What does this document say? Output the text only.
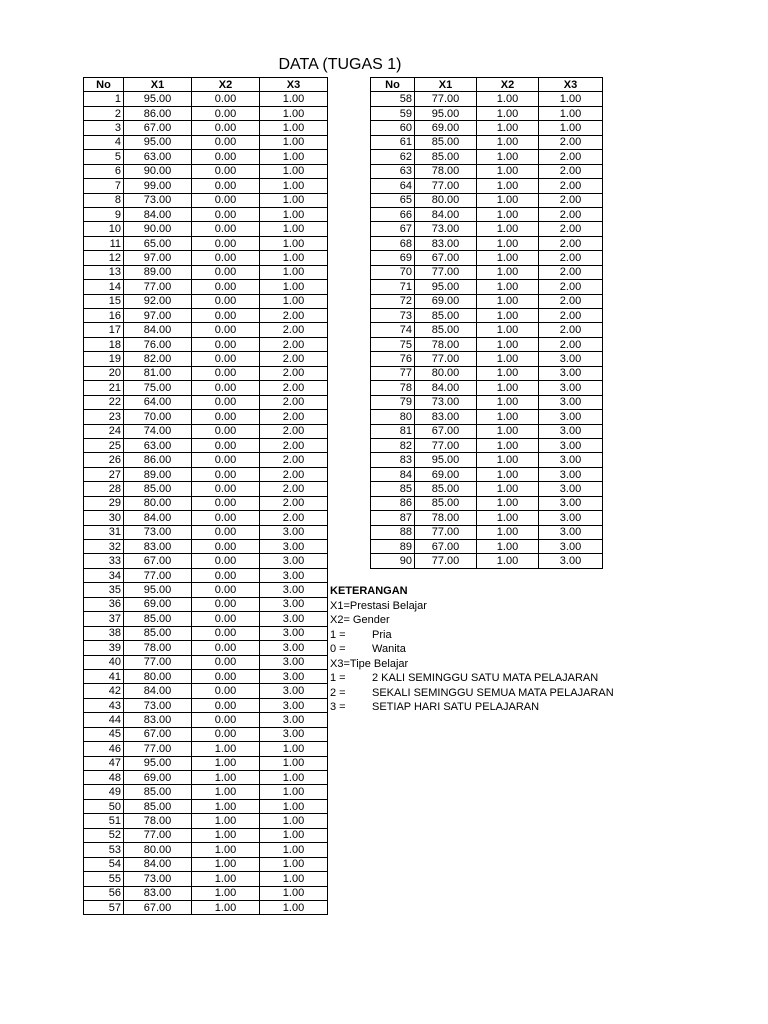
DATA (TUGAS 1)
No	X1	X2	X3
1	95.00	0.00	1.00
2	86.00	0.00	1.00
3	67.00	0.00	1.00
4	95.00	0.00	1.00
5	63.00	0.00	1.00
6	90.00	0.00	1.00
7	99.00	0.00	1.00
8	73.00	0.00	1.00
9	84.00	0.00	1.00
10	90.00	0.00	1.00
11	65.00	0.00	1.00
12	97.00	0.00	1.00
13	89.00	0.00	1.00
14	77.00	0.00	1.00
15	92.00	0.00	1.00
16	97.00	0.00	2.00
17	84.00	0.00	2.00
18	76.00	0.00	2.00
19	82.00	0.00	2.00
20	81.00	0.00	2.00
21	75.00	0.00	2.00
22	64.00	0.00	2.00
23	70.00	0.00	2.00
24	74.00	0.00	2.00
25	63.00	0.00	2.00
26	86.00	0.00	2.00
27	89.00	0.00	2.00
28	85.00	0.00	2.00
29	80.00	0.00	2.00
30	84.00	0.00	2.00
31	73.00	0.00	3.00
32	83.00	0.00	3.00
33	67.00	0.00	3.00
34	77.00	0.00	3.00
35	95.00	0.00	3.00
36	69.00	0.00	3.00
37	85.00	0.00	3.00
38	85.00	0.00	3.00
39	78.00	0.00	3.00
40	77.00	0.00	3.00
41	80.00	0.00	3.00
42	84.00	0.00	3.00
43	73.00	0.00	3.00
44	83.00	0.00	3.00
45	67.00	0.00	3.00
46	77.00	1.00	1.00
47	95.00	1.00	1.00
48	69.00	1.00	1.00
49	85.00	1.00	1.00
50	85.00	1.00	1.00
51	78.00	1.00	1.00
52	77.00	1.00	1.00
53	80.00	1.00	1.00
54	84.00	1.00	1.00
55	73.00	1.00	1.00
56	83.00	1.00	1.00
57	67.00	1.00	1.00
No	X1	X2	X3
58	77.00	1.00	1.00
59	95.00	1.00	1.00
60	69.00	1.00	1.00
61	85.00	1.00	2.00
62	85.00	1.00	2.00
63	78.00	1.00	2.00
64	77.00	1.00	2.00
65	80.00	1.00	2.00
66	84.00	1.00	2.00
67	73.00	1.00	2.00
68	83.00	1.00	2.00
69	67.00	1.00	2.00
70	77.00	1.00	2.00
71	95.00	1.00	2.00
72	69.00	1.00	2.00
73	85.00	1.00	2.00
74	85.00	1.00	2.00
75	78.00	1.00	2.00
76	77.00	1.00	3.00
77	80.00	1.00	3.00
78	84.00	1.00	3.00
79	73.00	1.00	3.00
80	83.00	1.00	3.00
81	67.00	1.00	3.00
82	77.00	1.00	3.00
83	95.00	1.00	3.00
84	69.00	1.00	3.00
85	85.00	1.00	3.00
86	85.00	1.00	3.00
87	78.00	1.00	3.00
88	77.00	1.00	3.00
89	67.00	1.00	3.00
90	77.00	1.00	3.00
KETERANGAN
X1=Prestasi Belajar
X2= Gender
1 =	Pria
0 =	Wanita
X3=Tipe Belajar
1 =	2 KALI SEMINGGU SATU MATA PELAJARAN
2 =	SEKALI SEMINGGU SEMUA MATA PELAJARAN
3 =	SETIAP HARI SATU PELAJARAN
